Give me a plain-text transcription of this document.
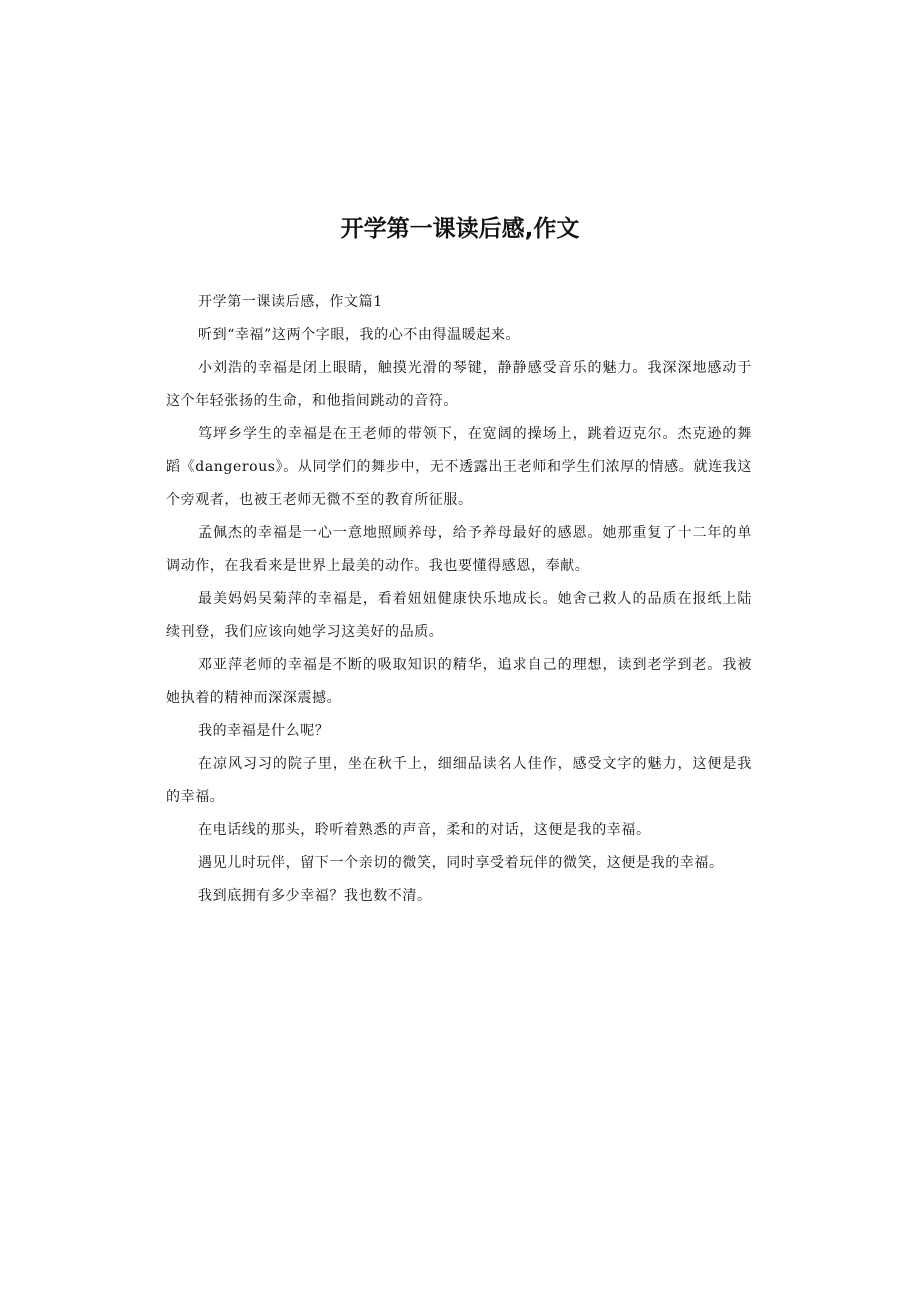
开学第一课读后感,作文

开学第一课读后感，作文篇1

听到“幸福”这两个字眼，我的心不由得温暖起来。

小刘浩的幸福是闭上眼睛，触摸光滑的琴键，静静感受音乐的魅力。我深深地感动于这个年轻张扬的生命，和他指间跳动的音符。

笃坪乡学生的幸福是在王老师的带领下，在宽阔的操场上，跳着迈克尔。杰克逊的舞蹈《dangerous》。从同学们的舞步中，无不透露出王老师和学生们浓厚的情感。就连我这个旁观者，也被王老师无微不至的教育所征服。

孟佩杰的幸福是一心一意地照顾养母，给予养母最好的感恩。她那重复了十二年的单调动作，在我看来是世界上最美的动作。我也要懂得感恩，奉献。

最美妈妈吴菊萍的幸福是，看着妞妞健康快乐地成长。她舍己救人的品质在报纸上陆续刊登，我们应该向她学习这美好的品质。

邓亚萍老师的幸福是不断的吸取知识的精华，追求自己的理想，读到老学到老。我被她执着的精神而深深震撼。

我的幸福是什么呢？

在凉风习习的院子里，坐在秋千上，细细品读名人佳作，感受文字的魅力，这便是我的幸福。

在电话线的那头，聆听着熟悉的声音，柔和的对话，这便是我的幸福。

遇见儿时玩伴，留下一个亲切的微笑，同时享受着玩伴的微笑，这便是我的幸福。

我到底拥有多少幸福？我也数不清。
